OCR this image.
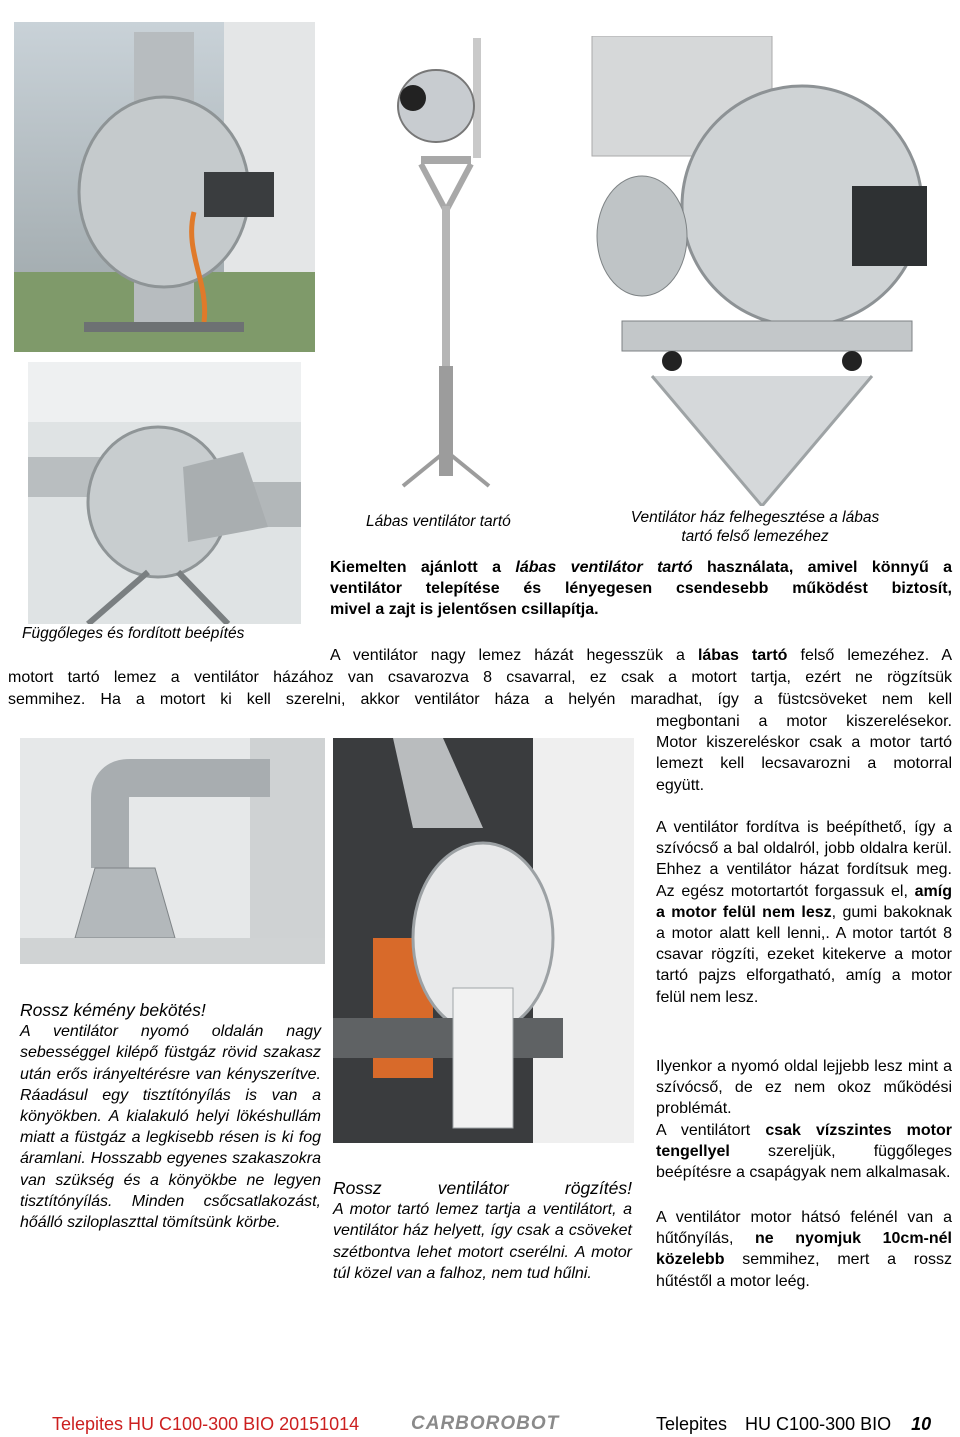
Függőleges és fordított beépítés
Lábas ventilátor tartó	Ventilátor ház felhegesztése a lábas
tartó felső lemezéhez
Kiemelten ajánlott a lábas ventilátor tartó használata, amivel könnyű a
ventilátor telepítése és lényegesen csendesebb működést biztosít,
mivel a zajt is jelentősen csillapítja.
A ventilátor nagy lemez házát hegesszük a lábas tartó felső lemezéhez. A
motort tartó lemez a ventilátor házához van csavarozva 8 csavarral, ez csak a motort tartja, ezért ne rögzítsük
semmihez. Ha a motort ki kell szerelni, akkor ventilátor háza a helyén maradhat, így a füstcsöveket nem kell
megbontani a motor kiszerelésekor. Motor kiszereléskor csak a motor tartó lemezt kell lecsavarozni a motorral együtt.
A ventilátor fordítva is beépíthető, így a szívócső a bal oldalról, jobb oldalra kerül. Ehhez a ventilátor házat fordítsuk meg. Az egész motortartót forgassuk el, amíg a motor felül nem lesz, gumi bakoknak a motor alatt kell lenni,. A motor tartót 8 csavar rögzíti, ezeket kitekerve a motor tartó pajzs elforgatható, amíg a motor felül nem lesz.
Ilyenkor a nyomó oldal lejjebb lesz mint a szívócső, de ez nem okoz működési problémát.
A ventilátort csak vízszintes motor tengellyel szereljük, függőleges beépítésre a csapágyak nem alkalmasak.
A ventilátor motor hátsó felénél van a hűtőnyílás, ne nyomjuk 10cm-nél közelebb semmihez, mert a rossz hűtéstől a motor leég.
Rossz kémény bekötés!
A ventilátor nyomó oldalán nagy sebességgel kilépő füstgáz rövid szakasz után erős irányeltérésre van kényszerítve. Ráadásul egy tisztítónyílás is van a könyökben. A kialakuló helyi lökéshullám miatt a füstgáz a legkisebb résen is ki fog áramlani. Hosszabb egyenes szakaszokra van szükség és a könyökbe ne legyen tisztítónyílás. Minden csőcsatlakozást, hőálló sziloplaszttal tömítsünk körbe.
Rossz ventilátor rögzítés!
A motor tartó lemez tartja a ventilátort, a ventilátor ház helyett, így csak a csöveket szétbontva lehet motort cserélni. A motor túl közel van a falhoz, nem tud hűlni.
Telepites HU C100-300 BIO 20151014	CARBOROBOT	Telepites HU C100-300 BIO 10
